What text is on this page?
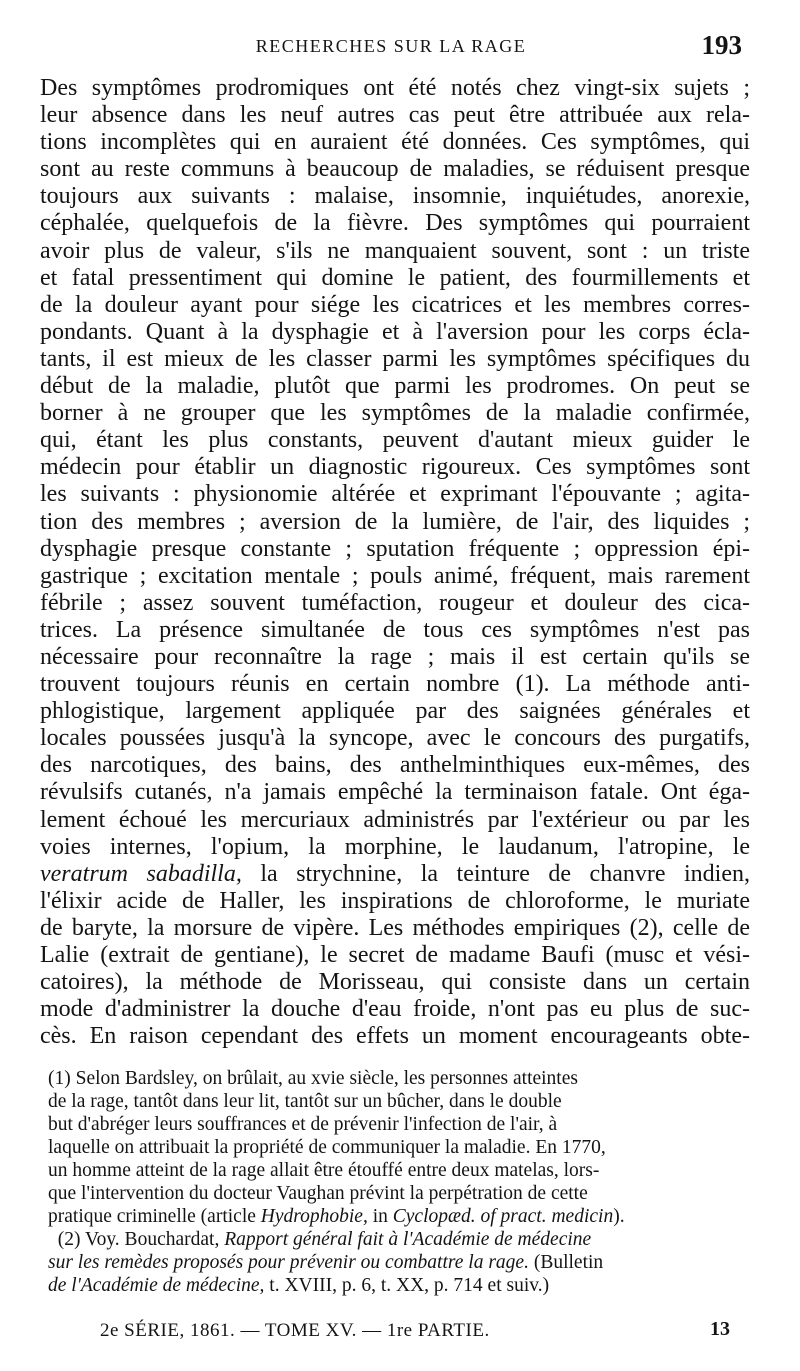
RECHERCHES SUR LA RAGE	193
Des symptômes prodromiques ont été notés chez vingt-six sujets ;
leur absence dans les neuf autres cas peut être attribuée aux rela-
tions incomplètes qui en auraient été données. Ces symptômes, qui
sont au reste communs à beaucoup de maladies, se réduisent presque
toujours aux suivants : malaise, insomnie, inquiétudes, anorexie,
céphalée, quelquefois de la fièvre. Des symptômes qui pourraient
avoir plus de valeur, s'ils ne manquaient souvent, sont : un triste
et fatal pressentiment qui domine le patient, des fourmillements et
de la douleur ayant pour siége les cicatrices et les membres corres-
pondants. Quant à la dysphagie et à l'aversion pour les corps écla-
tants, il est mieux de les classer parmi les symptômes spécifiques du
début de la maladie, plutôt que parmi les prodromes. On peut se
borner à ne grouper que les symptômes de la maladie confirmée,
qui, étant les plus constants, peuvent d'autant mieux guider le
médecin pour établir un diagnostic rigoureux. Ces symptômes sont
les suivants : physionomie altérée et exprimant l'épouvante ; agita-
tion des membres ; aversion de la lumière, de l'air, des liquides ;
dysphagie presque constante ; sputation fréquente ; oppression épi-
gastrique ; excitation mentale ; pouls animé, fréquent, mais rarement
fébrile ; assez souvent tuméfaction, rougeur et douleur des cica-
trices. La présence simultanée de tous ces symptômes n'est pas
nécessaire pour reconnaître la rage ; mais il est certain qu'ils se
trouvent toujours réunis en certain nombre (1). La méthode anti-
phlogistique, largement appliquée par des saignées générales et
locales poussées jusqu'à la syncope, avec le concours des purgatifs,
des narcotiques, des bains, des anthelminthiques eux-mêmes, des
révulsifs cutanés, n'a jamais empêché la terminaison fatale. Ont éga-
lement échoué les mercuriaux administrés par l'extérieur ou par les
voies internes, l'opium, la morphine, le laudanum, l'atropine, le
veratrum sabadilla, la strychnine, la teinture de chanvre indien,
l'élixir acide de Haller, les inspirations de chloroforme, le muriate
de baryte, la morsure de vipère. Les méthodes empiriques (2), celle de
Lalie (extrait de gentiane), le secret de madame Baufi (musc et vési-
catoires), la méthode de Morisseau, qui consiste dans un certain
mode d'administrer la douche d'eau froide, n'ont pas eu plus de suc-
cès. En raison cependant des effets un moment encourageants obte-
(1) Selon Bardsley, on brûlait, au xvie siècle, les personnes atteintes
de la rage, tantôt dans leur lit, tantôt sur un bûcher, dans le double
but d'abréger leurs souffrances et de prévenir l'infection de l'air, à
laquelle on attribuait la propriété de communiquer la maladie. En 1770,
un homme atteint de la rage allait être étouffé entre deux matelas, lors-
que l'intervention du docteur Vaughan prévint la perpétration de cette
pratique criminelle (article Hydrophobie, in Cyclopæd. of pract. medicin).
(2) Voy. Bouchardat, Rapport général fait à l'Académie de médecine
sur les remèdes proposés pour prévenir ou combattre la rage. (Bulletin
de l'Académie de médecine, t. XVIII, p. 6, t. XX, p. 714 et suiv.)
2e SÉRIE, 1861. — TOME XV. — 1re PARTIE.	13
